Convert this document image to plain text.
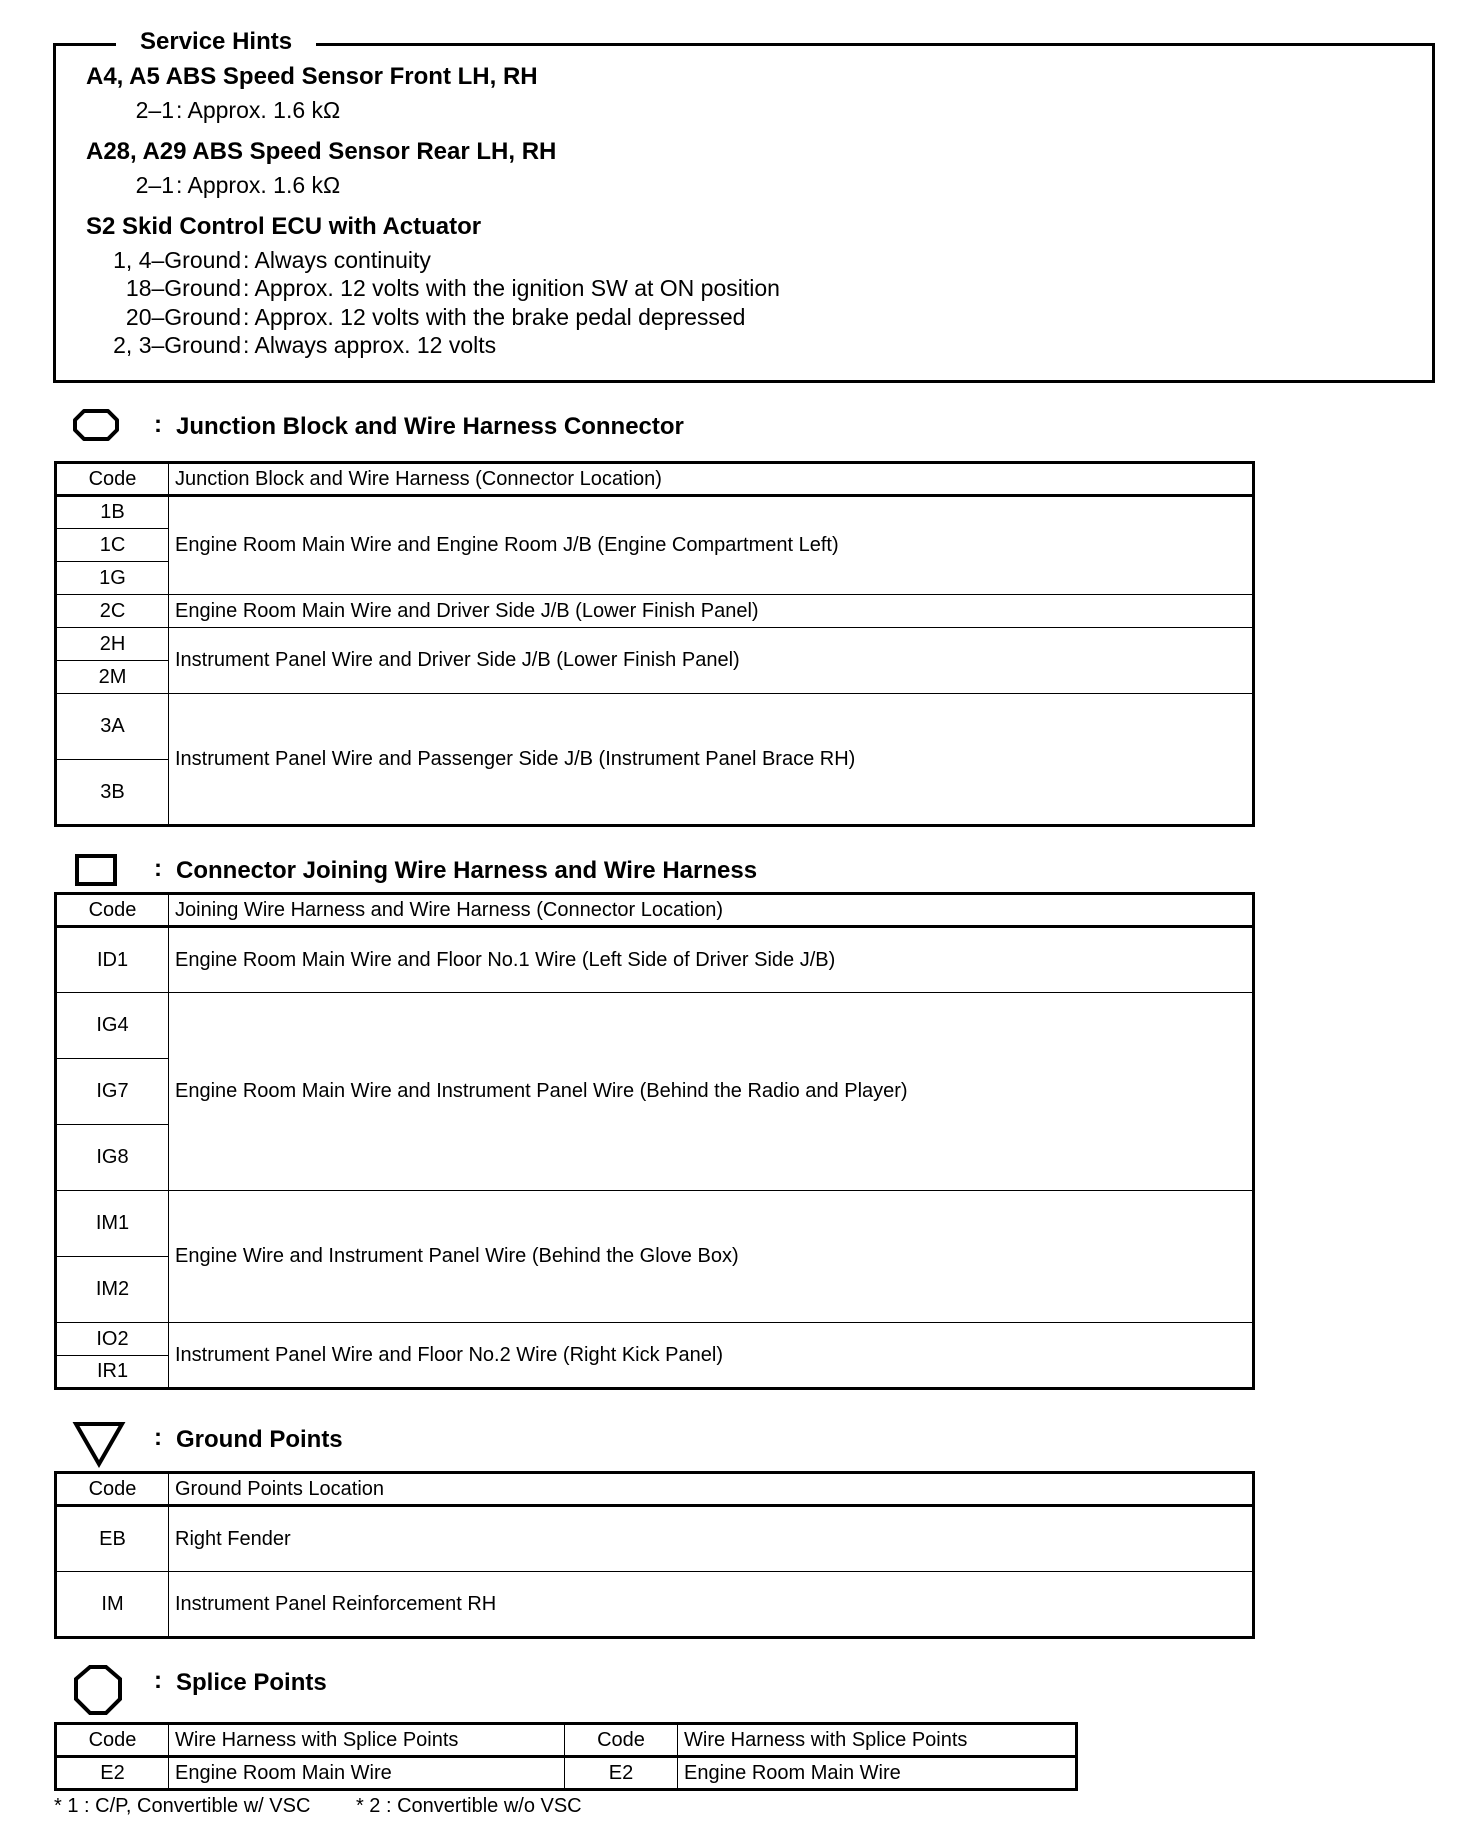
Service Hints
A4, A5 ABS Speed Sensor Front LH, RH
2–1 : Approx. 1.6 kΩ
A28, A29 ABS Speed Sensor Rear LH, RH
2–1 : Approx. 1.6 kΩ
S2 Skid Control ECU with Actuator
1, 4–Ground : Always continuity
18–Ground : Approx. 12 volts with the ignition SW at ON position
20–Ground : Approx. 12 volts with the brake pedal depressed
2, 3–Ground : Always approx. 12 volts
: Junction Block and Wire Harness Connector
Code	Junction Block and Wire Harness (Connector Location)
1B	Engine Room Main Wire and Engine Room J/B (Engine Compartment Left)
1C	
1G	
2C	Engine Room Main Wire and Driver Side J/B (Lower Finish Panel)
2H	Instrument Panel Wire and Driver Side J/B (Lower Finish Panel)
2M	
3A	Instrument Panel Wire and Passenger Side J/B (Instrument Panel Brace RH)
3B	
: Connector Joining Wire Harness and Wire Harness
Code	Joining Wire Harness and Wire Harness (Connector Location)
ID1	Engine Room Main Wire and Floor No.1 Wire (Left Side of Driver Side J/B)
IG4	Engine Room Main Wire and Instrument Panel Wire (Behind the Radio and Player)
IG7	
IG8	
IM1	Engine Wire and Instrument Panel Wire (Behind the Glove Box)
IM2	
IO2	Instrument Panel Wire and Floor No.2 Wire (Right Kick Panel)
IR1	
: Ground Points
Code	Ground Points Location
EB	Right Fender
IM	Instrument Panel Reinforcement RH
: Splice Points
Code	Wire Harness with Splice Points	Code	Wire Harness with Splice Points
E2	Engine Room Main Wire	E2	Engine Room Main Wire
* 1 : C/P, Convertible w/ VSC * 2 : Convertible w/o VSC
